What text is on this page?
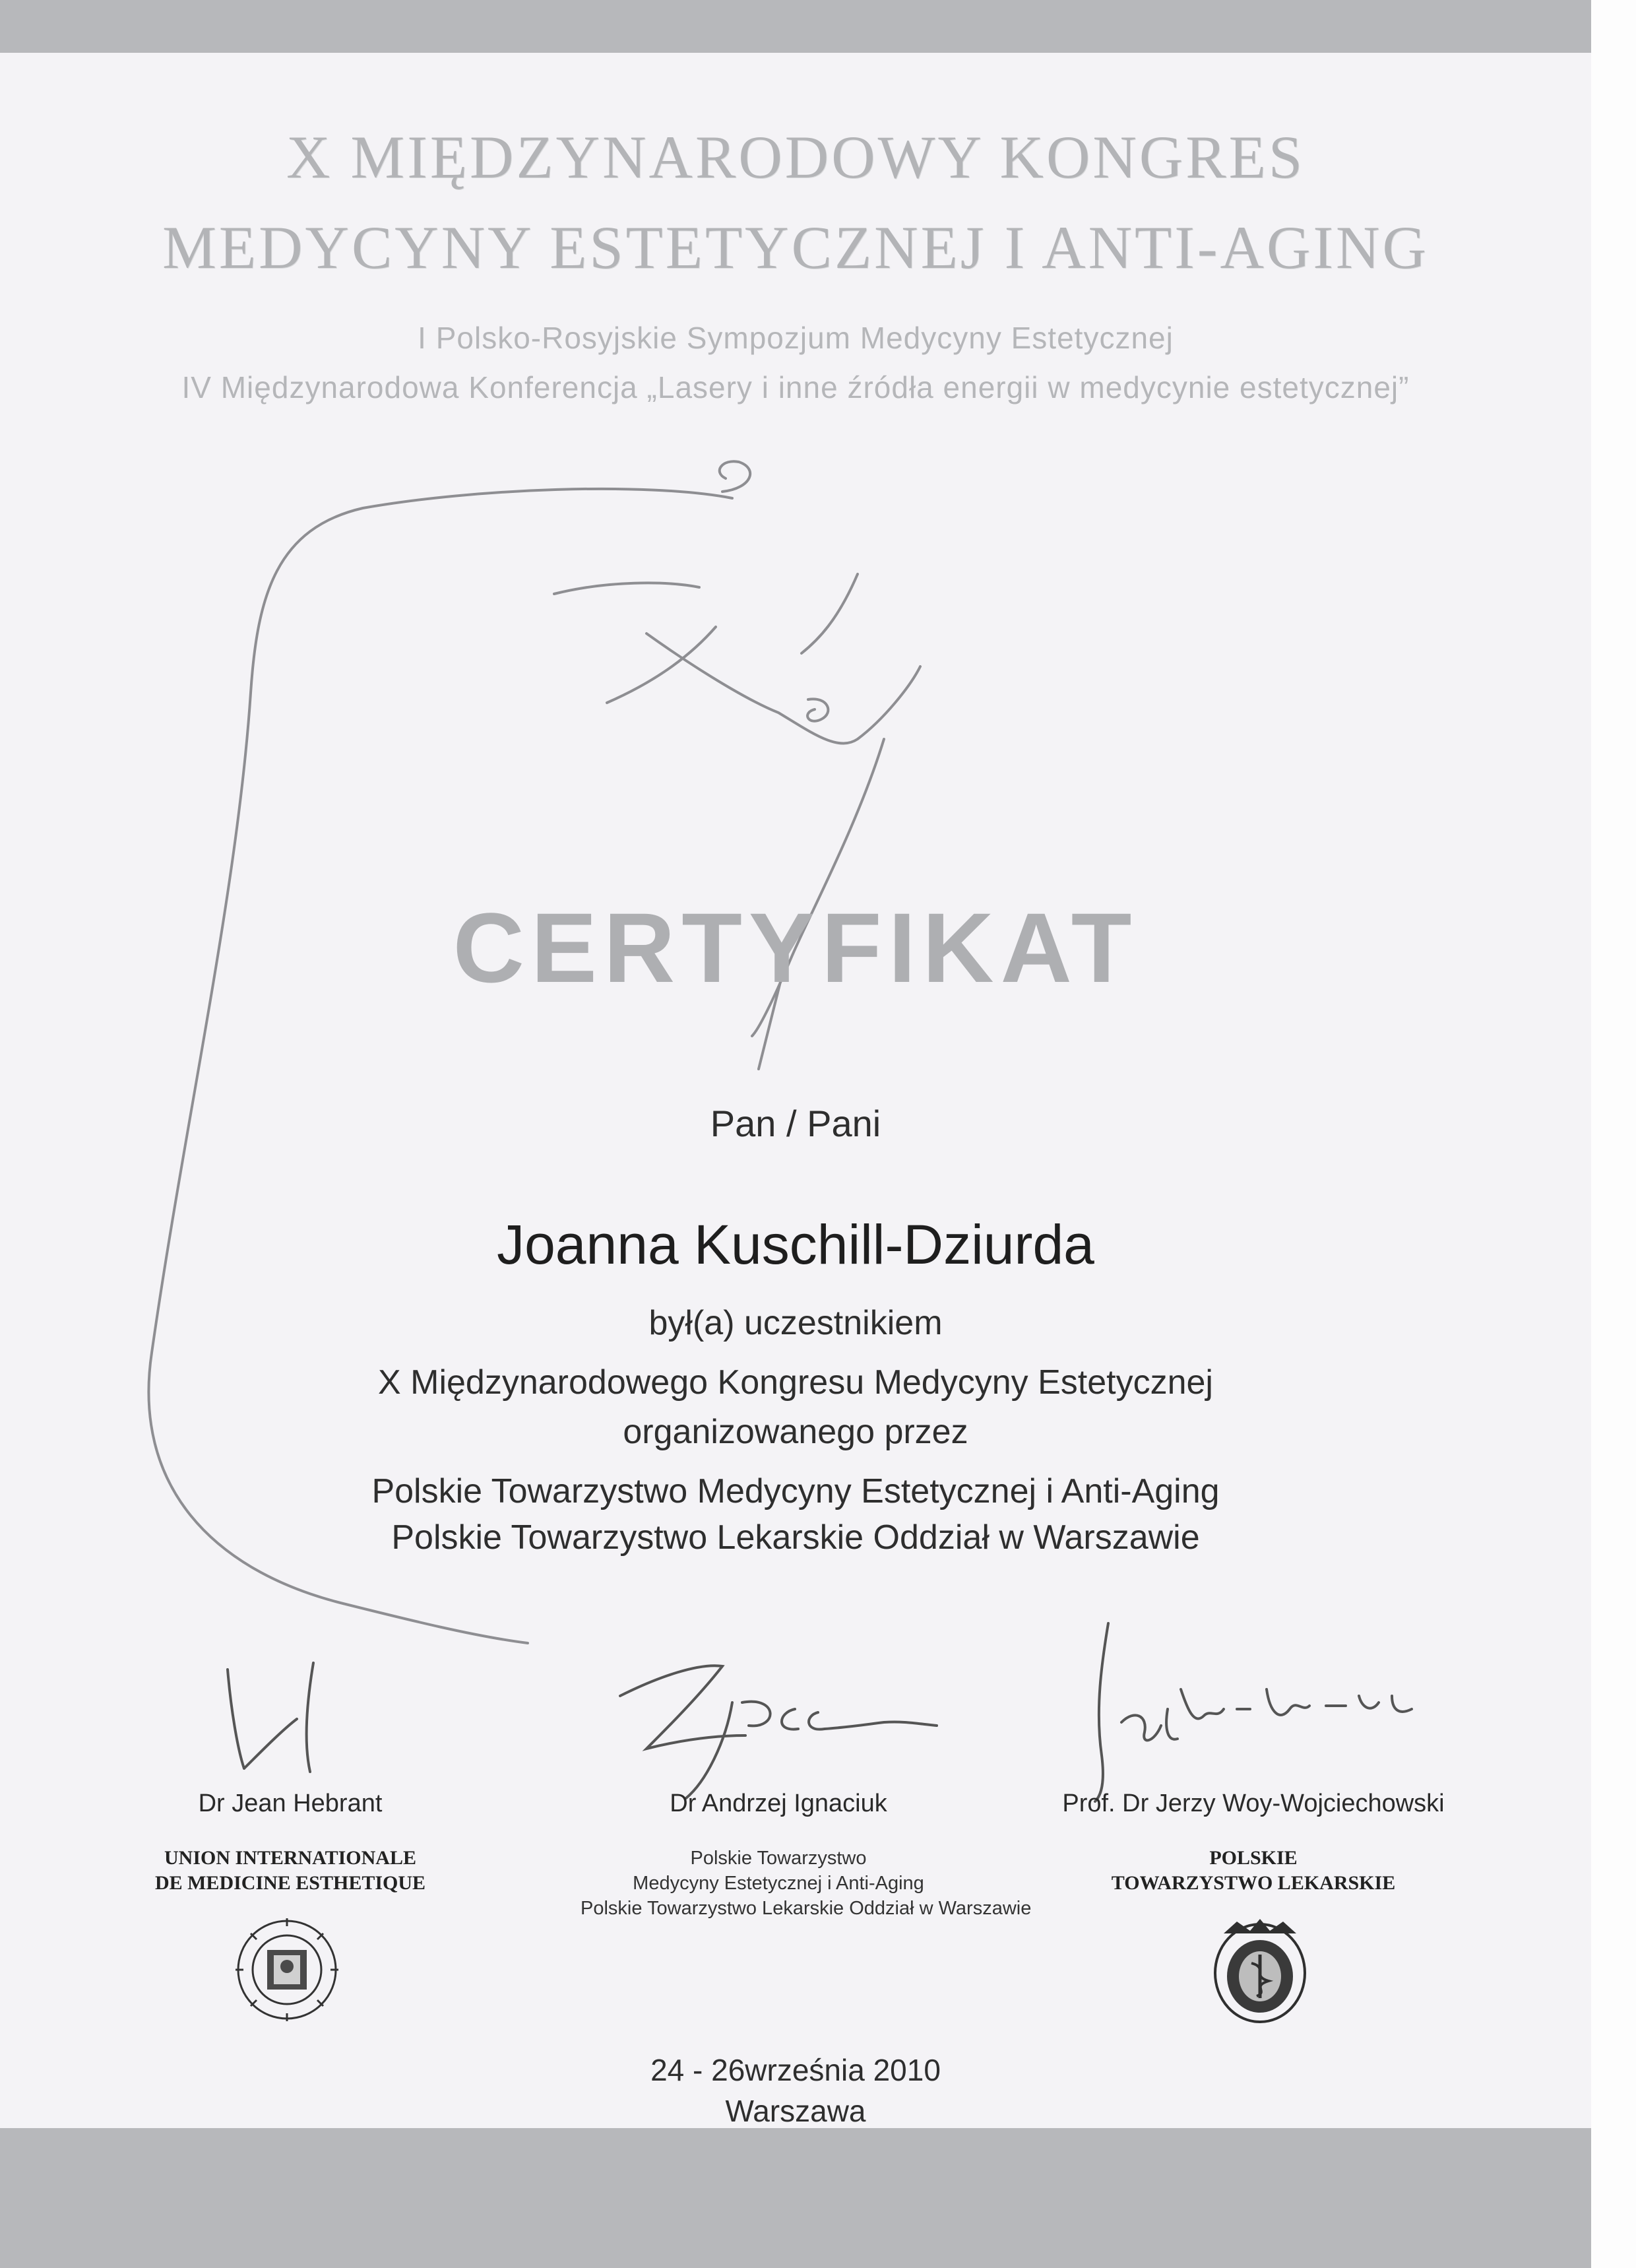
X MIĘDZYNARODOWY KONGRES
MEDYCYNY ESTETYCZNEJ I ANTI-AGING
I Polsko-Rosyjskie Sympozjum Medycyny Estetycznej
IV Międzynarodowa Konferencja „Lasery i inne źródła energii w medycynie estetycznej”
CERTYFIKAT
Pan / Pani
Joanna Kuschill-Dziurda
był(a) uczestnikiem
X Międzynarodowego Kongresu Medycyny Estetycznej
organizowanego przez
Polskie Towarzystwo Medycyny Estetycznej i Anti-Aging
Polskie Towarzystwo Lekarskie Oddział w Warszawie
Dr Jean Hebrant
UNION INTERNATIONALE
DE MEDICINE ESTHETIQUE
Dr Andrzej Ignaciuk
Polskie Towarzystwo
Medycyny Estetycznej i Anti-Aging
Polskie Towarzystwo Lekarskie Oddział w Warszawie
Prof. Dr Jerzy Woy-Wojciechowski
POLSKIE
TOWARZYSTWO LEKARSKIE
24 - 26września 2010
Warszawa
